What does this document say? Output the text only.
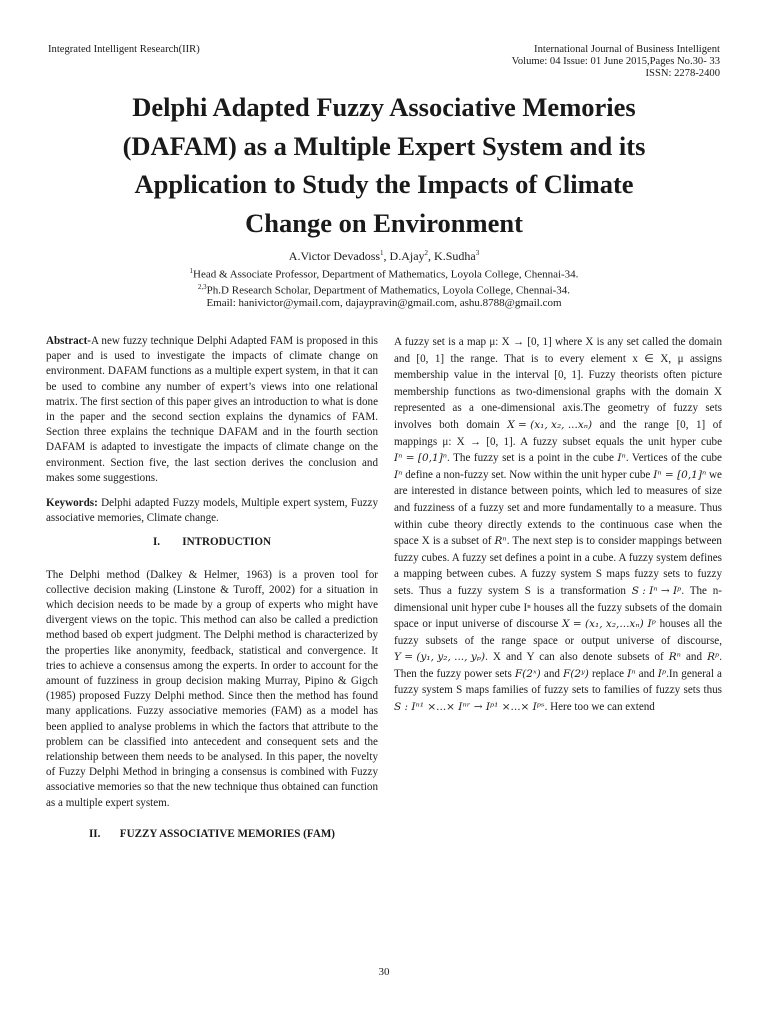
Integrated Intelligent Research(IIR)	International Journal of Business Intelligent
Volume: 04 Issue: 01 June 2015,Pages No.30- 33
ISSN: 2278-2400
Delphi Adapted Fuzzy Associative Memories
(DAFAM) as a Multiple Expert System and its
Application to Study the Impacts of Climate
Change on Environment
A.Victor Devadoss$^1$, D.Ajay$^2$, K.Sudha$^3$
$^1$Head & Associate Professor, Department of Mathematics, Loyola College, Chennai-34.
$^{2,3}$Ph.D Research Scholar, Department of Mathematics, Loyola College, Chennai-34.
Email: hanivictor@ymail.com, dajaypravin@gmail.com, ashu.8788@gmail.com

Abstract-A new fuzzy technique Delphi Adapted FAM is proposed in this paper and is used to investigate the impacts of climate change on environment. DAFAM functions as a multiple expert system, in that it can be used to combine any number of expert’s views into one relational matrix. The first section of this paper gives an introduction to what is done in the paper and the second section explains the dynamics of FAM. Section three explains the technique DAFAM and in the fourth section DAFAM is adapted to investigate the impacts of climate change on the environment. Section five, the last section derives the conclusion and makes some suggestions.

Keywords: Delphi adapted Fuzzy models, Multiple expert system, Fuzzy associative memories, Climate change.

I.        INTRODUCTION

The Delphi method (Dalkey & Helmer, 1963) is a proven tool for collective decision making (Linstone & Turoff, 2002) for a situation in which decision needs to be made by a group of experts who might have divergent views on the topic. This method can also be called a prediction method based ob expert judgment. The Delphi method is characterized by the properties like anonymity, feedback, statistical and convergence. It tries to achieve a consensus among the experts. In order to account for the amount of fuzziness in group decision making Murray, Pipino & Gigch (1985) proposed Fuzzy Delphi method. Since then the method has found many applications. Fuzzy associative memories (FAM) as a model has been applied to analyse problems in which the factors that attribute to the problem can be classified into antecedent and consequent sets and the relationship between them needs to be analysed. In this paper, the novelty of Fuzzy Delphi Method in bringing a consensus is combined with Fuzzy associative memories so that the new technique thus obtained can function as a multiple expert system.

II.       FUZZY ASSOCIATIVE MEMORIES (FAM)

A fuzzy set is a map μ: X → [0, 1] where X is any set called the domain and [0, 1] the range. That is to every element x ∈ X, μ assigns membership value in the interval [0, 1]. Fuzzy theorists often picture membership functions as two-dimensional graphs with the domain X represented as a one-dimensional axis.The geometry of fuzzy sets involves both domain X = (x₁, x₂, ...xₙ) and the range [0, 1] of mappings μ: X → [0, 1]. A fuzzy subset equals the unit hyper cube Iⁿ = [0,1]ⁿ. The fuzzy set is a point in the cube Iⁿ. Vertices of the cube Iⁿ define a non-fuzzy set. Now within the unit hyper cube Iⁿ = [0,1]ⁿ we are interested in distance between points, which led to measures of size and fuzziness of a fuzzy set and more fundamentally to a measure. Thus within cube theory directly extends to the continuous case when the space X is a subset of Rⁿ. The next step is to consider mappings between fuzzy cubes. A fuzzy set defines a point in a cube. A fuzzy system defines a mapping between cubes. A fuzzy system S maps fuzzy sets to fuzzy sets. Thus a fuzzy system S is a transformation S : Iⁿ → Iᵖ. The n-dimensional unit hyper cube Iⁿ houses all the fuzzy subsets of the domain space or input universe of discourse X = (x₁, x₂,...xₙ) Iᵖ houses all the fuzzy subsets of the range space or output universe of discourse, Y = (y₁, y₂, ..., yₚ). X and Y can also denote subsets of Rⁿ and Rᵖ. Then the fuzzy power sets F(2ˣ) and F(2ʸ) replace Iⁿ and Iᵖ.In general a fuzzy system S maps families of fuzzy sets to families of fuzzy sets thus S : Iⁿ¹ ×...× Iⁿʳ → Iᵖ¹ ×...× Iᵖˢ. Here too we can extend

30
